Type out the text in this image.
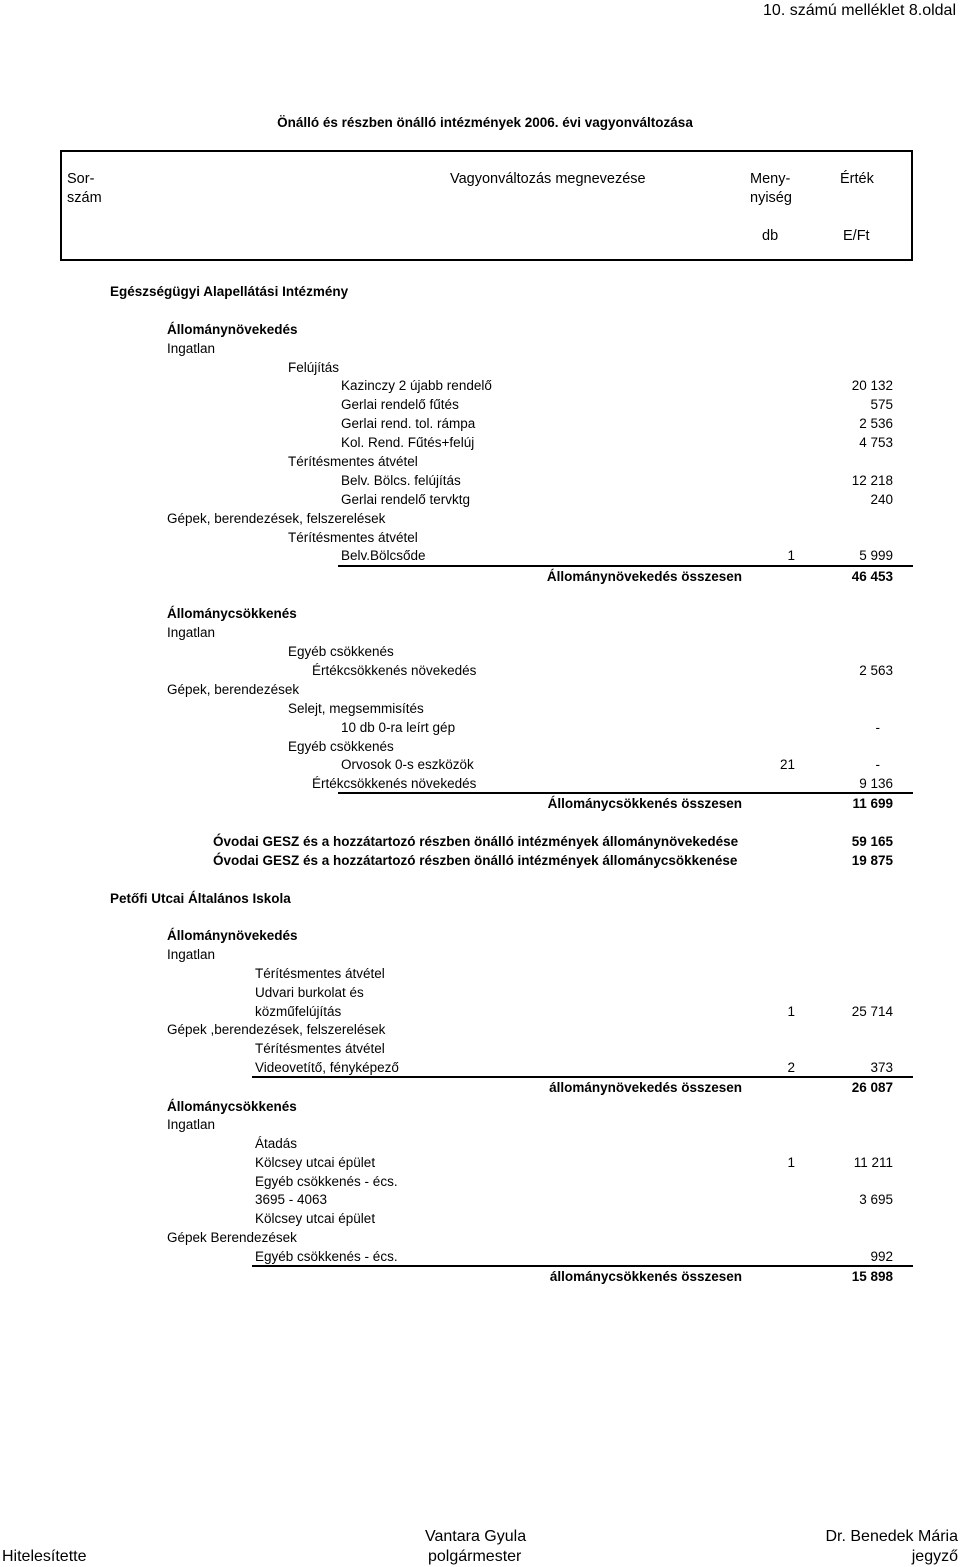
10. számú melléklet 8.oldal
Önálló és részben önálló intézmények 2006. évi vagyonváltozása
Sor-
szám
Vagyonváltozás megnevezése	Meny-
nyiség
Érték
db	E/Ft
Egészségügyi Alapellátási Intézmény
Állománynövekedés
Ingatlan
Felújítás
Kazinczy 2 újabb rendelő	20 132
Gerlai rendelő fűtés	575
Gerlai rend. tol. rámpa	2 536
Kol. Rend. Fűtés+felúj	4 753
Térítésmentes átvétel
Belv. Bölcs. felújítás	12 218
Gerlai rendelő tervktg	240
Gépek, berendezések, felszerelések
Térítésmentes átvétel
Belv.Bölcsőde	1	5 999
Állománynövekedés összesen	46 453
Állománycsökkenés
Ingatlan
Egyéb csökkenés
Értékcsökkenés növekedés	2 563
Gépek, berendezések
Selejt, megsemmisítés
10 db 0-ra leírt gép	-
Egyéb csökkenés
Orvosok 0-s eszközök	21	-
Értékcsökkenés növekedés	9 136
Állománycsökkenés összesen	11 699
Óvodai GESZ és a hozzátartozó részben önálló intézmények állománynövekedése	59 165
Óvodai GESZ és a hozzátartozó részben önálló intézmények állománycsökkenése	19 875
Petőfi Utcai Általános Iskola
Állománynövekedés
Ingatlan
Térítésmentes átvétel
Udvari burkolat és
közműfelújítás	1	25 714
Gépek ,berendezések, felszerelések
Térítésmentes átvétel
Videovetítő, fényképező	2	373
állománynövekedés összesen	26 087
Állománycsökkenés
Ingatlan
Átadás
Kölcsey utcai épület	1	11 211
Egyéb csökkenés - écs.
3695 - 4063	3 695
Kölcsey utcai épület
Gépek Berendezések
Egyéb csökkenés - écs.	992
állománycsökkenés összesen	15 898
Hitelesítette
Vantara Gyula
polgármester
Dr. Benedek Mária
jegyző
